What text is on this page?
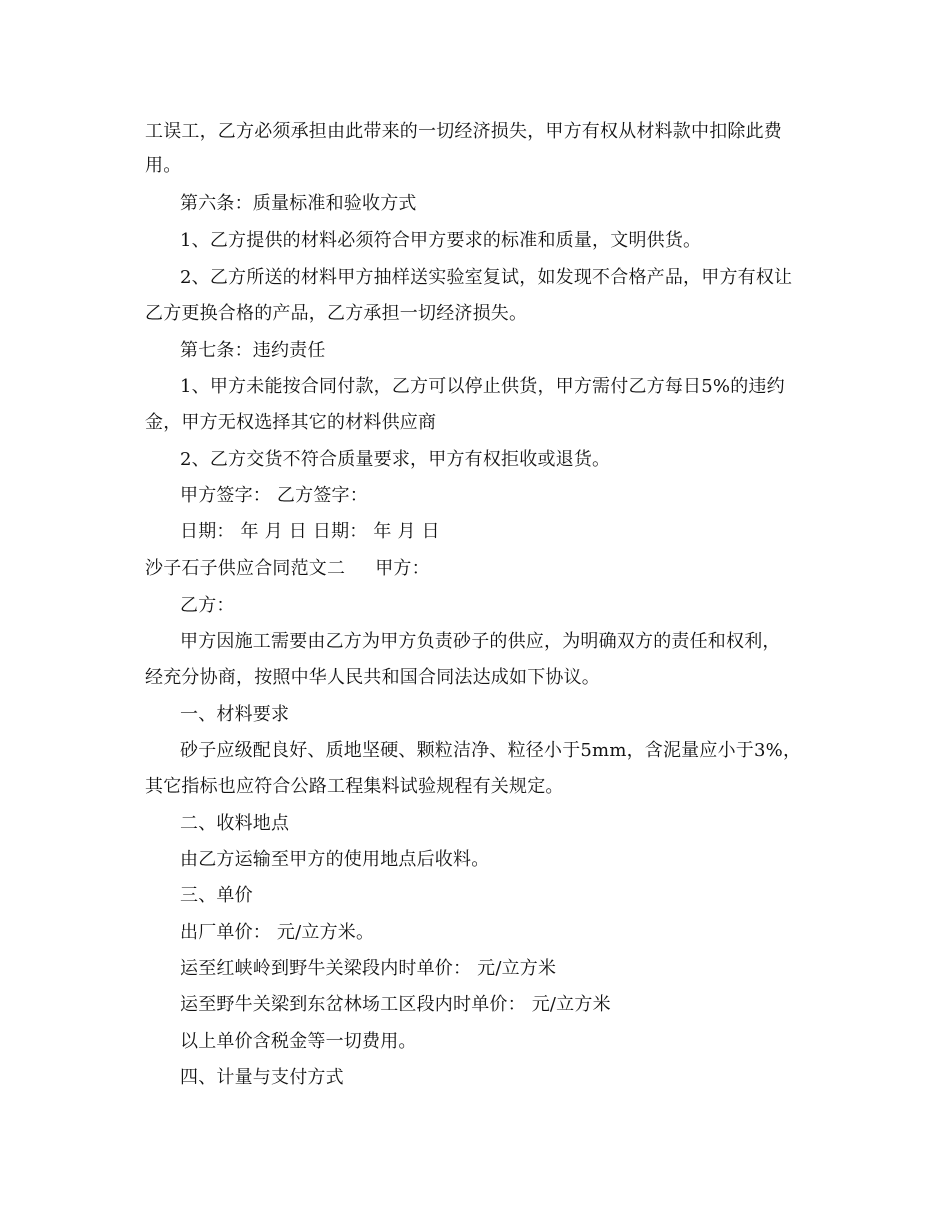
工误工，乙方必须承担由此带来的一切经济损失，甲方有权从材料款中扣除此费
用。
第六条：质量标准和验收方式
1、乙方提供的材料必须符合甲方要求的标准和质量，文明供货。
2、乙方所送的材料甲方抽样送实验室复试，如发现不合格产品，甲方有权让
乙方更换合格的产品，乙方承担一切经济损失。
第七条：违约责任
1、甲方未能按合同付款，乙方可以停止供货，甲方需付乙方每日5%的违约
金，甲方无权选择其它的材料供应商
2、乙方交货不符合质量要求，甲方有权拒收或退货。
甲方签字： 乙方签字：
日期： 年 月 日 日期： 年 月 日
沙子石子供应合同范文二 甲方：
乙方：
甲方因施工需要由乙方为甲方负责砂子的供应，为明确双方的责任和权利，
经充分协商，按照中华人民共和国合同法达成如下协议。
一、材料要求
砂子应级配良好、质地坚硬、颗粒洁净、粒径小于5mm，含泥量应小于3%，
其它指标也应符合公路工程集料试验规程有关规定。
二、收料地点
由乙方运输至甲方的使用地点后收料。
三、单价
出厂单价： 元/立方米。
运至红峡岭到野牛关梁段内时单价： 元/立方米
运至野牛关梁到东岔林场工区段内时单价： 元/立方米
以上单价含税金等一切费用。
四、计量与支付方式
